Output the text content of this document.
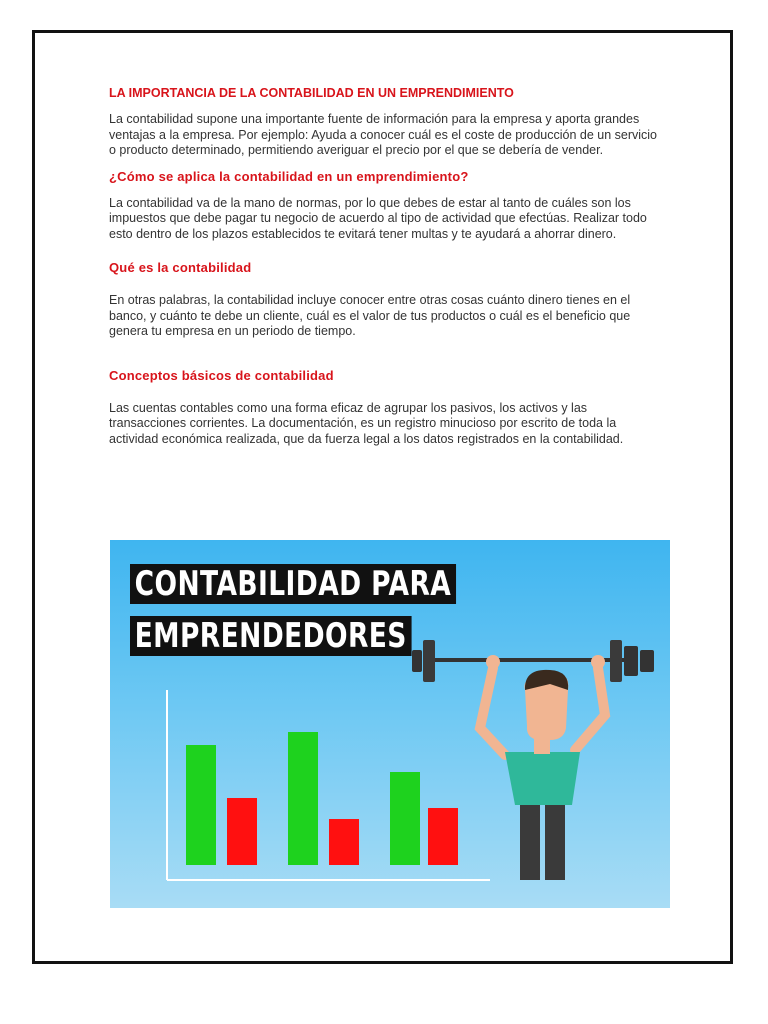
LA IMPORTANCIA DE LA CONTABILIDAD EN UN EMPRENDIMIENTO

La contabilidad supone una importante fuente de información para la empresa y aporta grandes ventajas a la empresa. Por ejemplo: Ayuda a conocer cuál es el coste de producción de un servicio o producto determinado, permitiendo averiguar el precio por el que se debería de vender.

¿Cómo se aplica la contabilidad en un emprendimiento?

La contabilidad va de la mano de normas, por lo que debes de estar al tanto de cuáles son los impuestos que debe pagar tu negocio de acuerdo al tipo de actividad que efectúas. Realizar todo esto dentro de los plazos establecidos te evitará tener multas y te ayudará a ahorrar dinero.

Qué es la contabilidad

En otras palabras, la contabilidad incluye conocer entre otras cosas cuánto dinero tienes en el banco, y cuánto te debe un cliente, cuál es el valor de tus productos o cuál es el beneficio que genera tu empresa en un periodo de tiempo.

Conceptos básicos de contabilidad

Las cuentas contables como una forma eficaz de agrupar los pasivos, los activos y las transacciones corrientes. La documentación, es un registro minucioso por escrito de toda la actividad económica realizada, que da fuerza legal a los datos registrados en la contabilidad.

CONTABILIDAD PARA
EMPRENDEDORES
